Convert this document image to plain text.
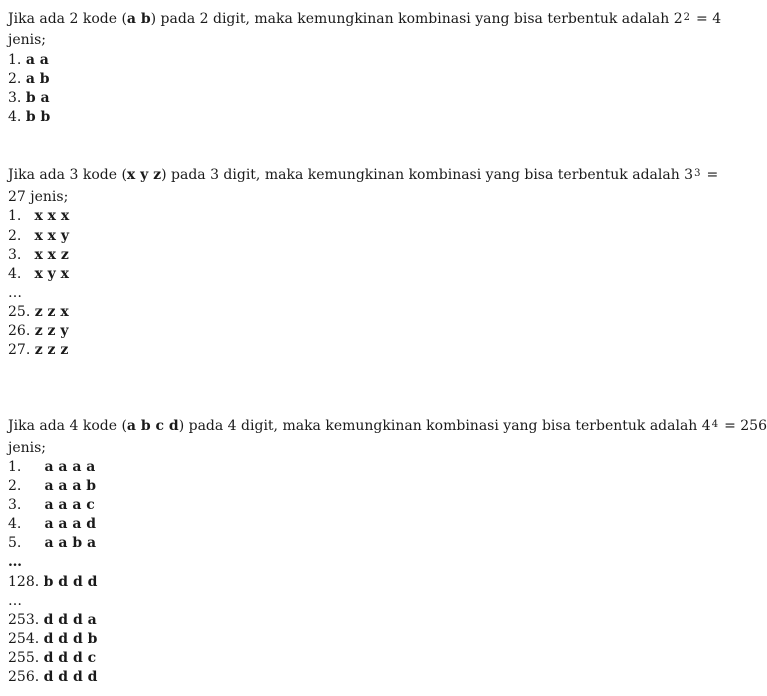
Jika ada 2 kode (a b) pada 2 digit, maka kemungkinan kombinasi yang bisa terbentuk adalah $2^2 = 4$
jenis;
1. a a
2. a b
3. b a
4. b b
Jika ada 3 kode (x y z) pada 3 digit, maka kemungkinan kombinasi yang bisa terbentuk adalah $3^3$ =
27 jenis;
1. x x x
2. x x y
3. x x z
4. x y x
…
25. z z x
26. z z y
27. z z z
Jika ada 4 kode (a b c d) pada 4 digit, maka kemungkinan kombinasi yang bisa terbentuk adalah $4^4 = 256$
jenis;
1. a a a a
2. a a a b
3. a a a c
4. a a a d
5. a a b a
…
128. b d d d
…
253. d d d a
254. d d d b
255. d d d c
256. d d d d
